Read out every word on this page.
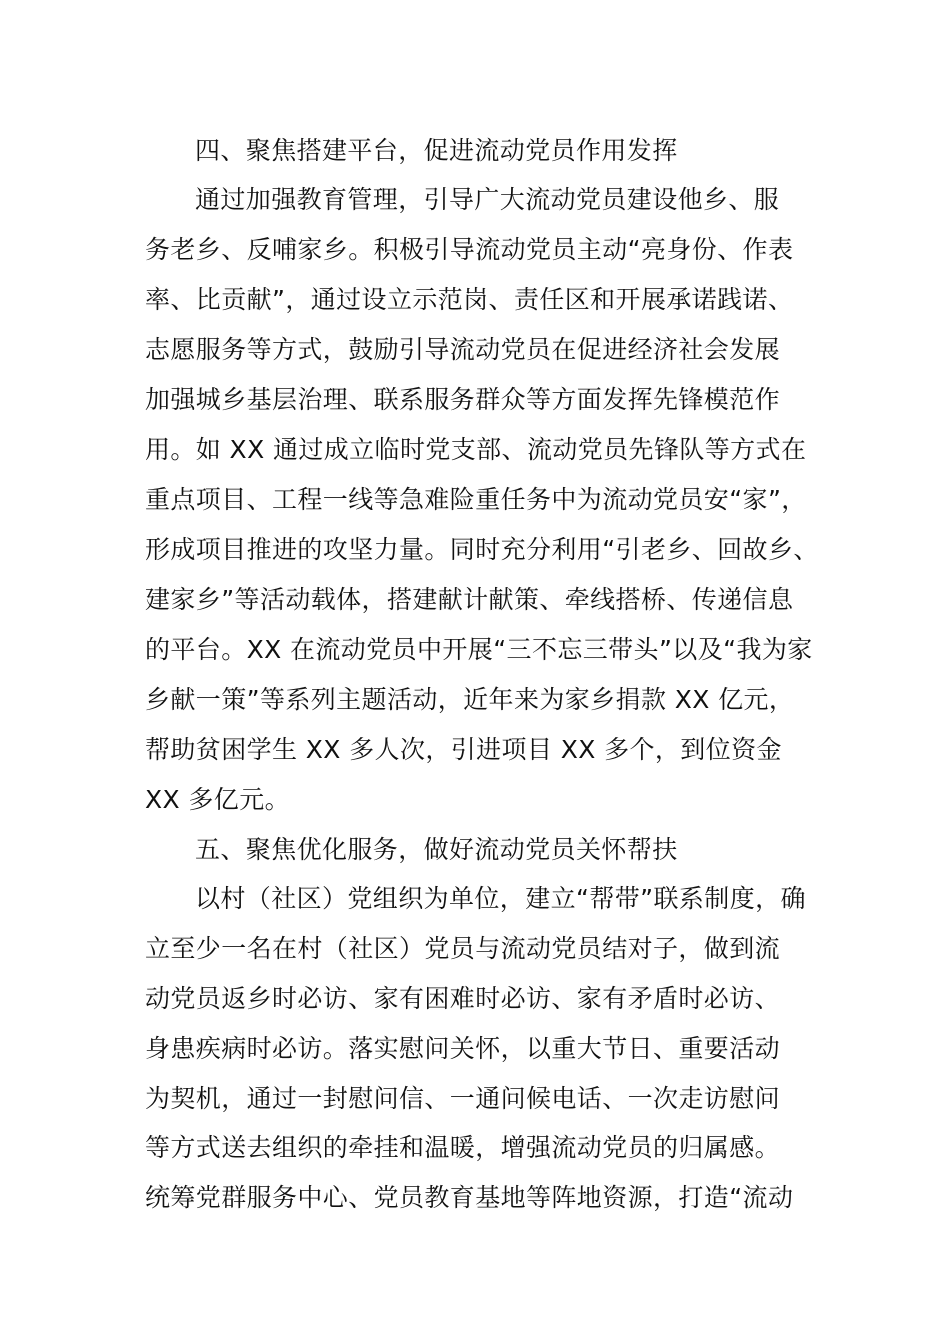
四、聚焦搭建平台，促进流动党员作用发挥
通过加强教育管理，引导广大流动党员建设他乡、服
务老乡、反哺家乡。积极引导流动党员主动“亮身份、作表
率、比贡献”，通过设立示范岗、责任区和开展承诺践诺、
志愿服务等方式，鼓励引导流动党员在促进经济社会发展
加强城乡基层治理、联系服务群众等方面发挥先锋模范作
用。如 XX 通过成立临时党支部、流动党员先锋队等方式在
重点项目、工程一线等急难险重任务中为流动党员安“家”，
形成项目推进的攻坚力量。同时充分利用“引老乡、回故乡、
建家乡”等活动载体，搭建献计献策、牵线搭桥、传递信息
的平台。XX 在流动党员中开展“三不忘三带头”以及“我为家
乡献一策”等系列主题活动，近年来为家乡捐款 XX 亿元，
帮助贫困学生 XX 多人次，引进项目 XX 多个，到位资金
XX 多亿元。
五、聚焦优化服务，做好流动党员关怀帮扶
以村（社区）党组织为单位，建立“帮带”联系制度，确
立至少一名在村（社区）党员与流动党员结对子，做到流
动党员返乡时必访、家有困难时必访、家有矛盾时必访、
身患疾病时必访。落实慰问关怀，以重大节日、重要活动
为契机，通过一封慰问信、一通问候电话、一次走访慰问
等方式送去组织的牵挂和温暖，增强流动党员的归属感。
统筹党群服务中心、党员教育基地等阵地资源，打造“流动
